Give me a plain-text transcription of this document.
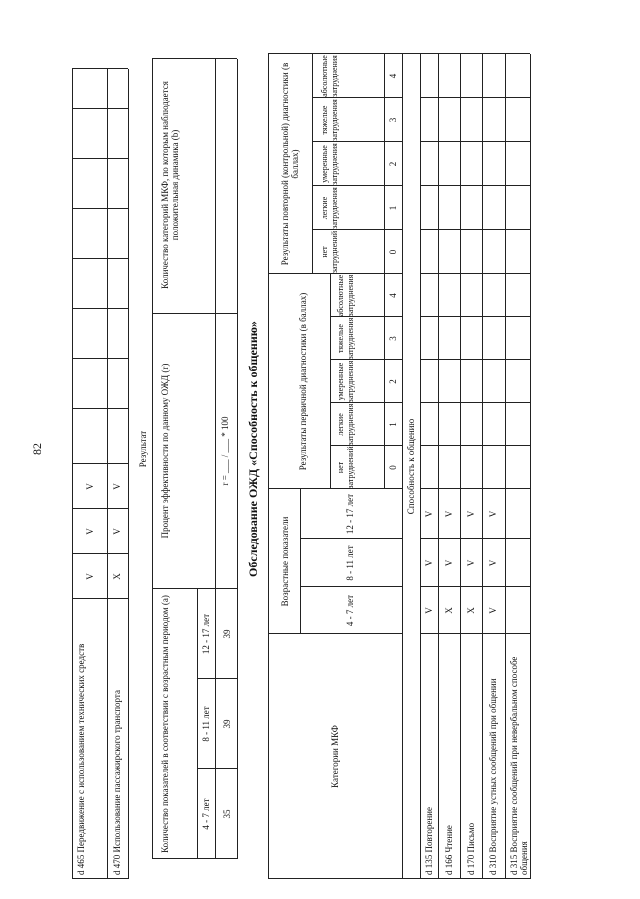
82
d 465 Передвижение с использованием технических средств
V
V
V
d 470 Использование пассажирского транспорта
X
V
V
Результат
Количество показателей в соответствии с возрастным периодом (a)
Процент эффективности по данному ОЖД (r)
Количество категорий МКФ, по которым наблюдается положительная динамика (b)
4 - 7 лет
8 - 11 лет
12 - 17 лет
35
39
39
r = ___ / ___ * 100 Обследование ОЖД «Способность к общению»
Категории МКФ
Возрастные показатели
4 - 7 лет
8 - 11 лет
12 - 17 лет
Результаты первичной диагностики (в баллах)
Результаты повторной (контрольной) диагностики (в баллах)
нет затруднений
легкие затруднения
умеренные затруднения
тяжелые затруднения
абсолютные затруднения
нет затруднений
легкие затруднения
умеренные затруднения
тяжелые затруднения
абсолютные затруднения
0
1
2
3
4
0
1
2
3
4
Способность к общению
d 135 Повторение
V
V
V
d 166 Чтение
X
V
V
d 170 Письмо
X
V
V
d 310 Восприятие устных сообщений при общении
V
V
V
d 315 Восприятие сообщений при невербальном способе общения
